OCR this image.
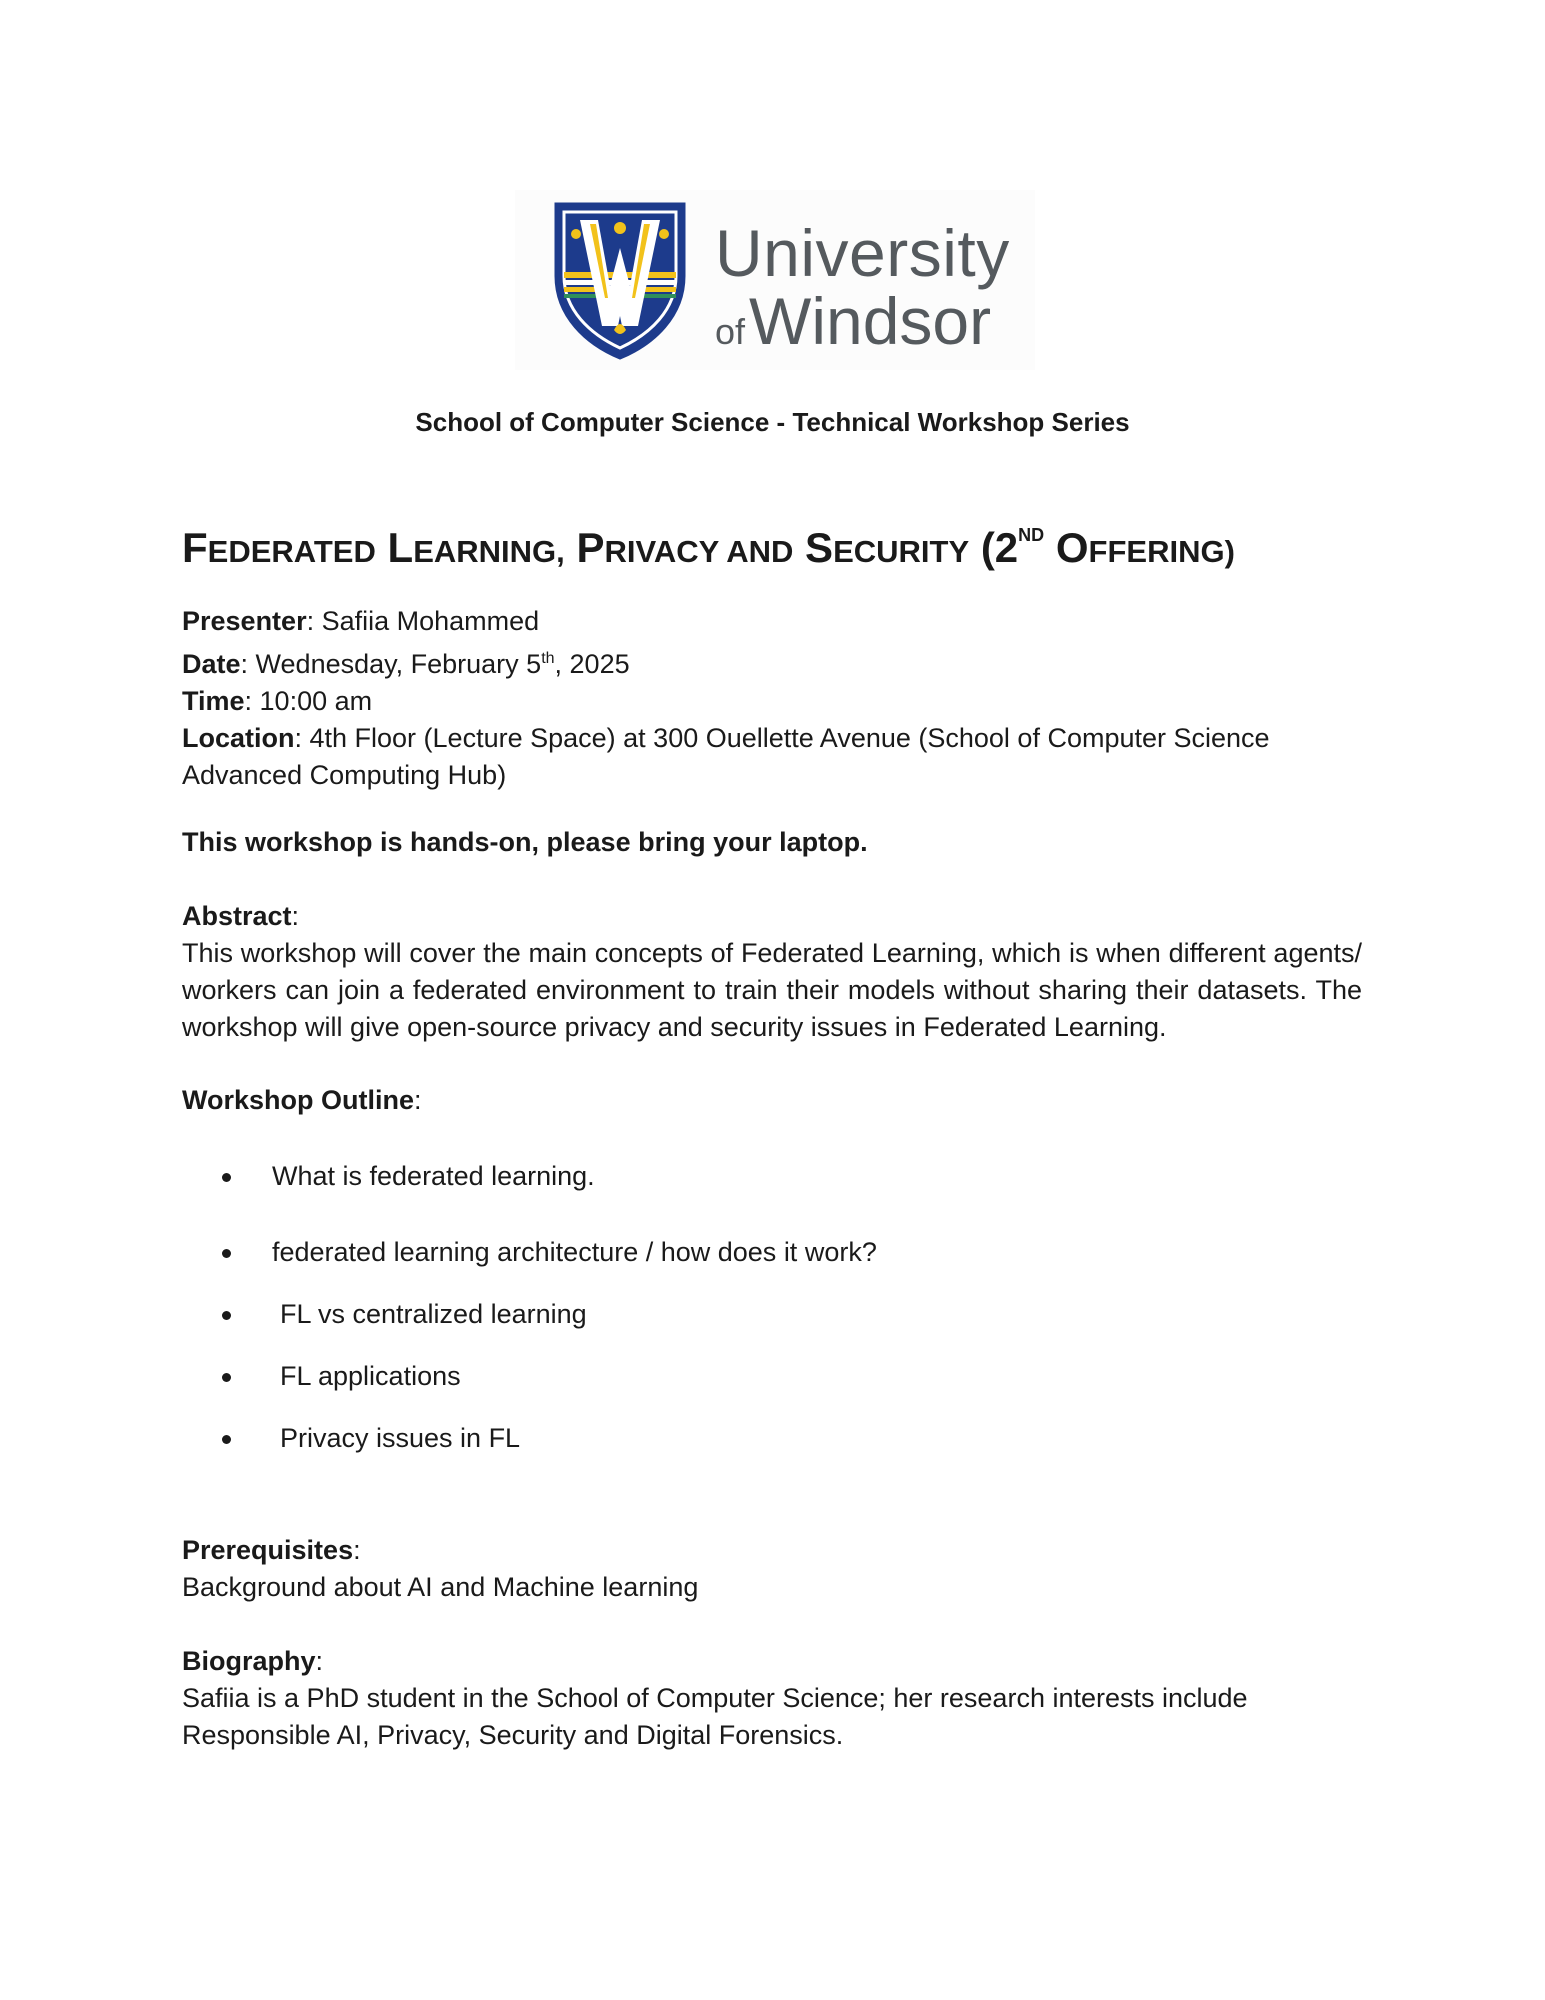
University
ofWindsor
School of Computer Science - Technical Workshop Series
FEDERATED LEARNING, PRIVACY AND SECURITY (2ND OFFERING)
Presenter: Safiia Mohammed
Date: Wednesday, February 5th, 2025
Time: 10:00 am
Location: 4th Floor (Lecture Space) at 300 Ouellette Avenue (School of Computer Science Advanced Computing Hub)
This workshop is hands-on, please bring your laptop.
Abstract:
This workshop will cover the main concepts of Federated Learning, which is when different agents/ workers can join a federated environment to train their models without sharing their datasets. The workshop will give open-source privacy and security issues in Federated Learning.
Workshop Outline:
What is federated learning.
federated learning architecture / how does it work?
FL vs centralized learning
FL applications
Privacy issues in FL
Prerequisites:
Background about AI and Machine learning
Biography:
Safiia is a PhD student in the School of Computer Science; her research interests include Responsible AI, Privacy, Security and Digital Forensics.
